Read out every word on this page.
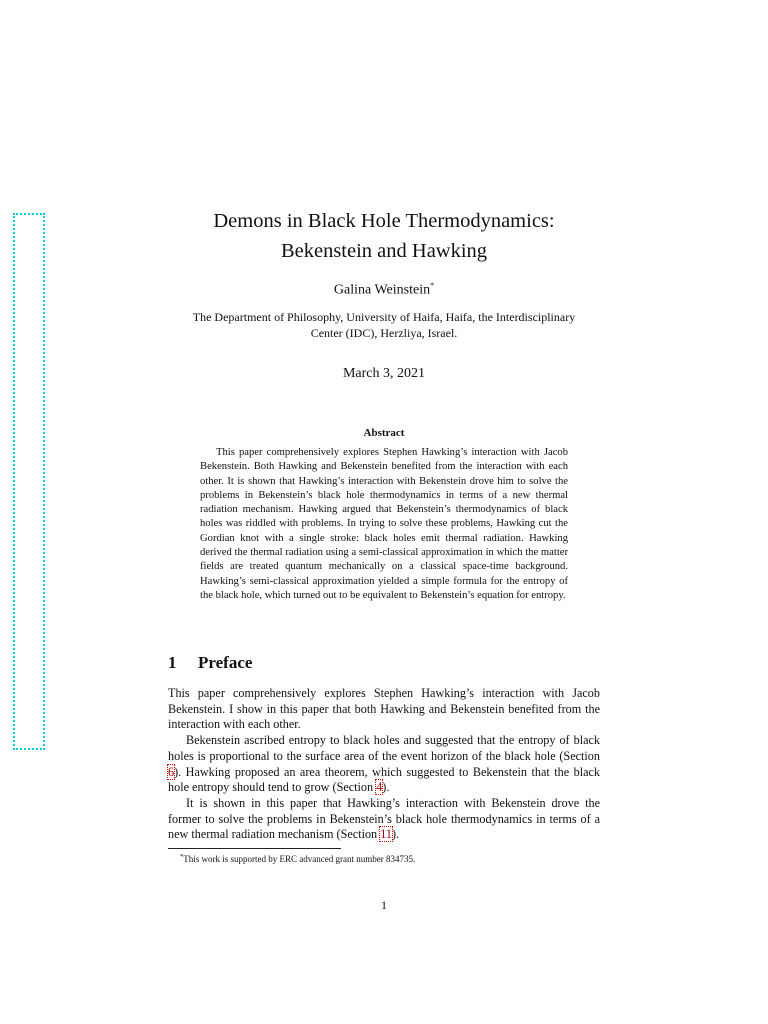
Demons in Black Hole Thermodynamics:
Bekenstein and Hawking
Galina Weinstein*
The Department of Philosophy, University of Haifa, Haifa, the Interdisciplinary Center (IDC), Herzliya, Israel.
March 3, 2021
Abstract
This paper comprehensively explores Stephen Hawking’s interaction with Jacob Bekenstein. Both Hawking and Bekenstein benefited from the interaction with each other. It is shown that Hawking’s interaction with Bekenstein drove him to solve the problems in Bekenstein’s black hole thermodynamics in terms of a new thermal radiation mechanism. Hawking argued that Bekenstein’s thermodynamics of black holes was riddled with problems. In trying to solve these problems, Hawking cut the Gordian knot with a single stroke: black holes emit thermal radiation. Hawking derived the thermal radiation using a semi-classical approximation in which the matter fields are treated quantum mechanically on a classical space-time background. Hawking’s semi-classical approximation yielded a simple formula for the entropy of the black hole, which turned out to be equivalent to Bekenstein’s equation for entropy.
1 Preface

This paper comprehensively explores Stephen Hawking’s interaction with Jacob Bekenstein. I show in this paper that both Hawking and Bekenstein benefited from the interaction with each other.

Bekenstein ascribed entropy to black holes and suggested that the entropy of black holes is proportional to the surface area of the event horizon of the black hole (Section 6). Hawking proposed an area theorem, which suggested to Bekenstein that the black hole entropy should tend to grow (Section 4).

It is shown in this paper that Hawking’s interaction with Bekenstein drove the former to solve the problems in Bekenstein’s black hole thermodynamics in terms of a new thermal radiation mechanism (Section 11).

*This work is supported by ERC advanced grant number 834735.
1
